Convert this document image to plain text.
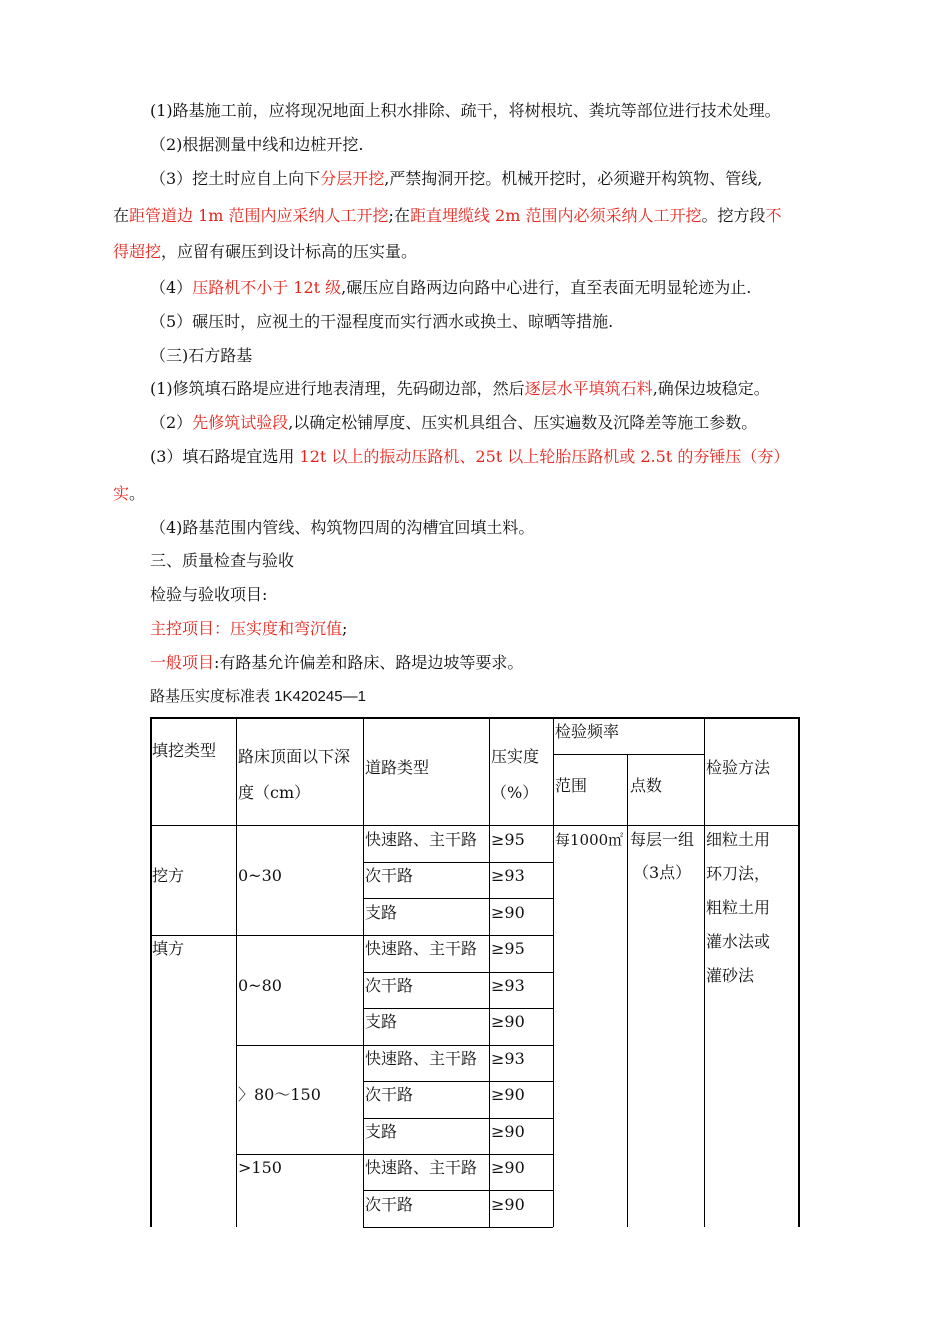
(1)路基施工前，应将现况地面上积水排除、疏干，将树根坑、粪坑等部位进行技术处理。
（2)根据测量中线和边桩开挖.
（3）挖土时应自上向下分层开挖,严禁掏洞开挖。机械开挖时，必须避开构筑物、管线,
在距管道边 1m 范围内应采纳人工开挖;在距直埋缆线 2m 范围内必须采纳人工开挖。挖方段不
得超挖，应留有碾压到设计标高的压实量。
（4）压路机不小于 12t 级,碾压应自路两边向路中心进行，直至表面无明显轮迹为止.
（5）碾压时，应视土的干湿程度而实行洒水或换土、晾晒等措施.
（三)石方路基
(1)修筑填石路堤应进行地表清理，先码砌边部，然后逐层水平填筑石料,确保边坡稳定。
（2）先修筑试验段,以确定松铺厚度、压实机具组合、压实遍数及沉降差等施工参数。
(3）填石路堤宜选用 12t 以上的振动压路机、25t 以上轮胎压路机或 2.5t 的夯锤压（夯）
实。
（4)路基范围内管线、构筑物四周的沟槽宜回填土料。
三、质量检查与验收
检验与验收项目:
主控项目：压实度和弯沉值;
一般项目:有路基允许偏差和路床、路堤边坡等要求。
路基压实度标准表 1K420245—1
填挖类型 路床顶面以下深度（cm）
道路类型
压实度（%）
检验频率
范围	点数
检验方法
挖方
填方
0~30
0~80
〉80～150
>150
快速路、主干路
次干路
支路
快速路、主干路
次干路
支路
快速路、主干路
次干路
支路
快速路、主干路
次干路
≥95
≥93
≥90
≥95
≥93
≥90
≥93
≥90
≥90
≥90
≥90
每1000㎡ 每层一组
（3点）
细粒土用
环刀法，
粗粒土用
灌水法或
灌砂法
